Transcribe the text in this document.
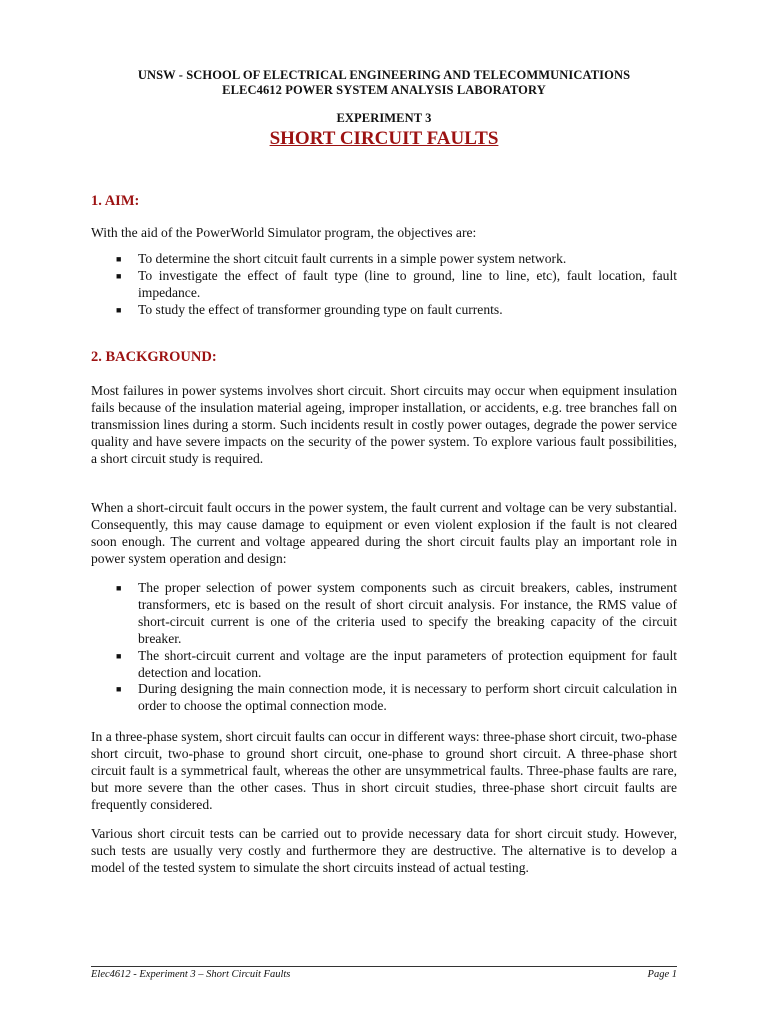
UNSW - SCHOOL OF ELECTRICAL ENGINEERING AND TELECOMMUNICATIONS
ELEC4612 POWER SYSTEM ANALYSIS LABORATORY
EXPERIMENT 3
SHORT CIRCUIT FAULTS
1. AIM:

With the aid of the PowerWorld Simulator program, the objectives are:

■ To determine the short citcuit fault currents in a simple power system network.
■ To investigate the effect of fault type (line to ground, line to line, etc), fault location, fault impedance.
■ To study the effect of transformer grounding type on fault currents.
2. BACKGROUND:

Most failures in power systems involves short circuit. Short circuits may occur when equipment insulation fails because of the insulation material ageing, improper installation, or accidents, e.g. tree branches fall on transmission lines during a storm. Such incidents result in costly power outages, degrade the power service quality and have severe impacts on the security of the power system. To explore various fault possibilities, a short circuit study is required.

When a short-circuit fault occurs in the power system, the fault current and voltage can be very substantial. Consequently, this may cause damage to equipment or even violent explosion if the fault is not cleared soon enough. The current and voltage appeared during the short circuit faults play an important role in power system operation and design:

■ The proper selection of power system components such as circuit breakers, cables, instrument transformers, etc is based on the result of short circuit analysis. For instance, the RMS value of short-circuit current is one of the criteria used to specify the breaking capacity of the circuit breaker.
■ The short-circuit current and voltage are the input parameters of protection equipment for fault detection and location.
■ During designing the main connection mode, it is necessary to perform short circuit calculation in order to choose the optimal connection mode.

In a three-phase system, short circuit faults can occur in different ways: three-phase short circuit, two-phase short circuit, two-phase to ground short circuit, one-phase to ground short circuit. A three-phase short circuit fault is a symmetrical fault, whereas the other are unsymmetrical faults. Three-phase faults are rare, but more severe than the other cases. Thus in short circuit studies, three-phase short circuit faults are frequently considered.

Various short circuit tests can be carried out to provide necessary data for short circuit study. However, such tests are usually very costly and furthermore they are destructive. The alternative is to develop a model of the tested system to simulate the short circuits instead of actual testing.

Elec4612 - Experiment 3 – Short Circuit Faults	Page 1
